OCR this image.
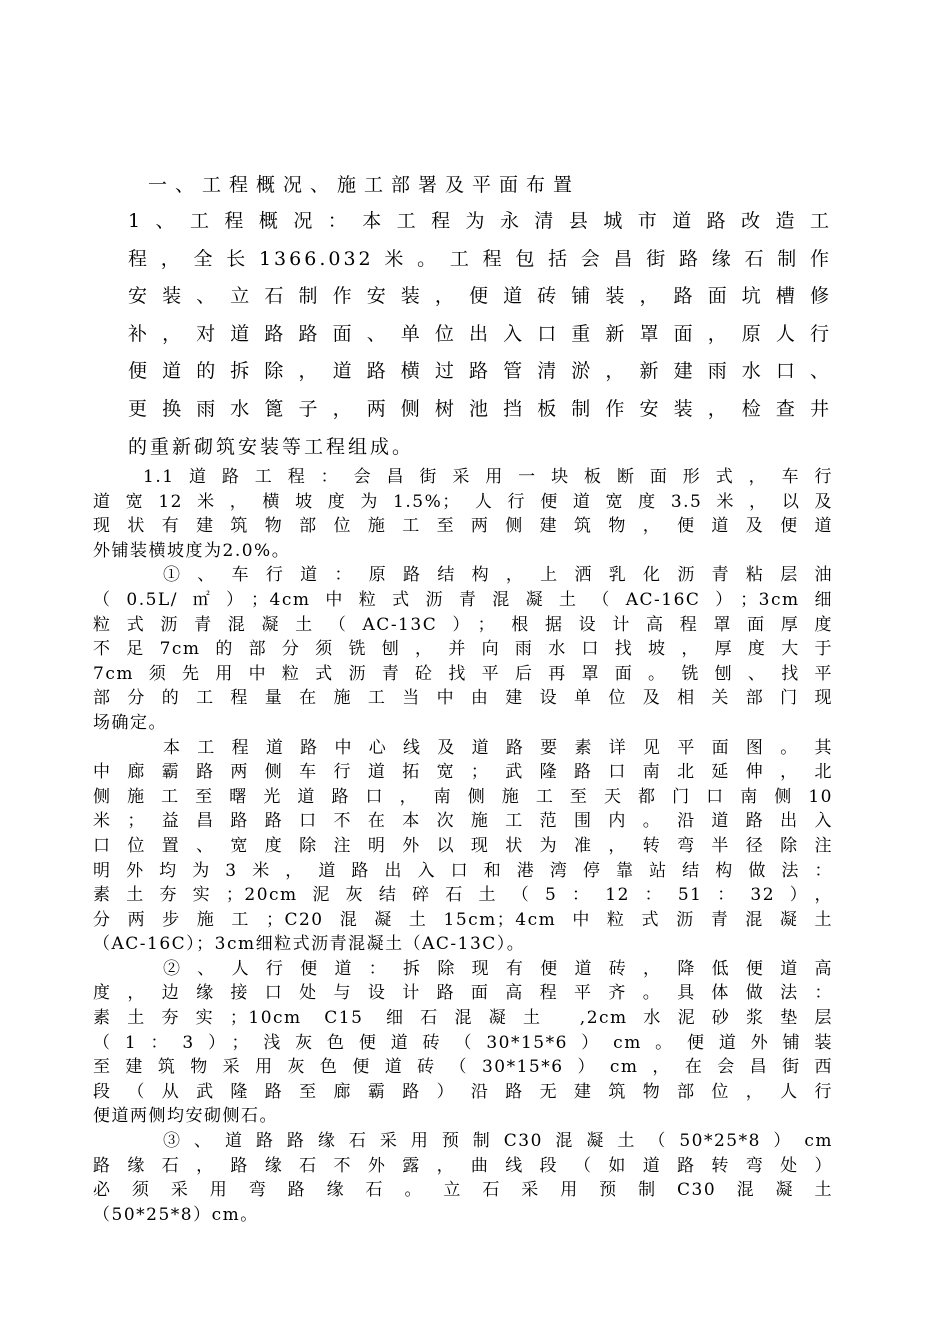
一、工程概况、施工部署及平面布置
1、工程概况：本工程为永清县城市道路改造工
程，全长1366.032米。工程包括会昌街路缘石制作
安装、立石制作安装，便道砖铺装，路面坑槽修
补，对道路路面、单位出入口重新罩面，原人行
便道的拆除，道路横过路管清淤，新建雨水口、
更换雨水篦子，两侧树池挡板制作安装，检查井
的重新砌筑安装等工程组成。

1.1道路工程：会昌街采用一块板断面形式，车行

道宽12米，横坡度为1.5%；人行便道宽度3.5米，以及
现状有建筑物部位施工至两侧建筑物，便道及便道
外铺装横坡度为2.0%。

①、车行道：原路结构，上洒乳化沥青粘层油

（0.5L/㎡）；4cm中粒式沥青混凝土（AC-16C）；3cm细
粒式沥青混凝土（AC-13C）；根据设计高程罩面厚度
不足7cm的部分须铣刨，并向雨水口找坡，厚度大于
7cm须先用中粒式沥青砼找平后再罩面。铣刨、找平
部分的工程量在施工当中由建设单位及相关部门现
场确定。

本工程道路中心线及道路要素详见平面图。其

中廊霸路两侧车行道拓宽；武隆路口南北延伸，北
侧施工至曙光道路口，南侧施工至天都门口南侧10
米；益昌路路口不在本次施工范围内。沿道路出入
口位置、宽度除注明外以现状为准，转弯半径除注
明外均为3米，道路出入口和港湾停靠站结构做法：
素土夯实；20cm泥灰结碎石土（5：12：51：32），
分两步施工；C20混凝土15cm；4cm中粒式沥青混凝土
（AC-16C）；3cm细粒式沥青混凝土（AC-13C）。

②、人行便道：拆除现有便道砖，降低便道高

度，边缘接口处与设计路面高程平齐。具体做法：
素土夯实；10cm C15 细石混凝土 ,2cm水泥砂浆垫层
（1：3）；浅灰色便道砖（30*15*6）cm。便道外铺装
至建筑物采用灰色便道砖（30*15*6）cm，在会昌街西
段（从武隆路至廊霸路）沿路无建筑物部位，人行
便道两侧均安砌侧石。

③、道路路缘石采用预制C30混凝土（50*25*8）cm

路缘石，路缘石不外露，曲线段（如道路转弯处）
必须采用弯路缘石。立石采用预制C30混凝土
（50*25*8）cm。
